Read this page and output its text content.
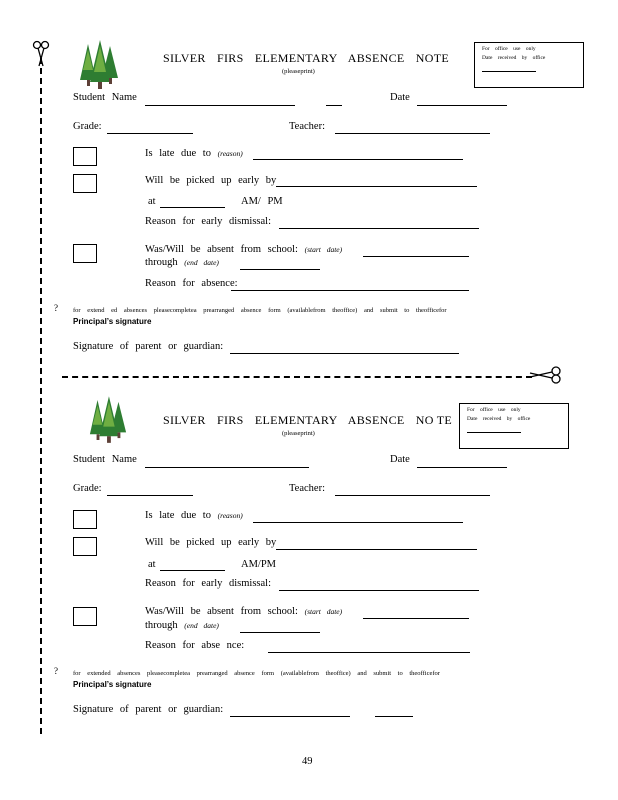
SILVER FIRS ELEMENTARY ABSENCE NOTE
(pleaseprint)
For office use only
Date received by office
Student Name	Date
Grade:	Teacher:
Is late due to (reason)
Will be picked up early by
at	AM/ PM
Reason for early dismissal:
Was/Will be absent from school: (start date)
through (end date)
Reason for absence:
? for extend ed absences pleasecompletea prearranged absence form (availablefrom theoffice) and submit to theofficefor
Principal’s signature
Signature of parent or guardian:
SILVER FIRS ELEMENTARY ABSENCE NO TE
(pleaseprint)
For office use only
Date received by office
Student Name	Date
Grade:	Teacher:
Is late due to (reason)
Will be picked up early by
at	AM/PM
Reason for early dismissal:
Was/Will be absent from school: (start date)
through (end date)
Reason for abse nce:
? for extended absences pleasecompletea prearranged absence form (availablefrom theoffice) and submit to theofficefor
Principal’s signature
Signature of parent or guardian:
49
